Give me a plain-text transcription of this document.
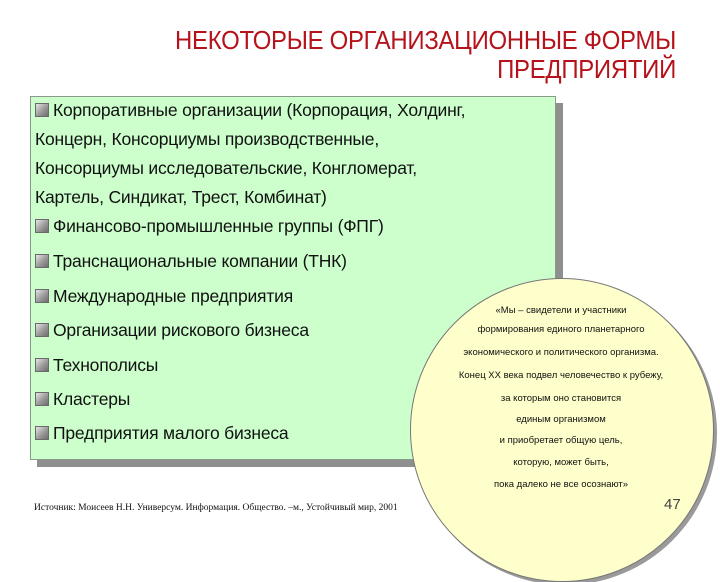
НЕКОТОРЫЕ ОРГАНИЗАЦИОННЫЕ ФОРМЫ
ПРЕДПРИЯТИЙ
Корпоративные организации (Корпорация, Холдинг,
Концерн, Консорциумы производственные,
Консорциумы исследовательские, Конгломерат,
Картель, Синдикат, Трест, Комбинат)
Финансово-промышленные группы (ФПГ)
Транснациональные компании (ТНК)
Международные предприятия
Организации рискового бизнеса
Технополисы
Кластеры
Предприятия малого бизнеса
«Мы – свидетели и участники
формирования единого планетарного
экономического и политического организма.
Конец XX века подвел человечество к рубежу,
за которым оно становится
единым организмом
и приобретает общую цель,
которую, может быть,
пока далеко не все осознают»
Источник: Моисеев Н.Н. Универсум. Информация. Общество. –м., Устойчивый мир, 2001	47
